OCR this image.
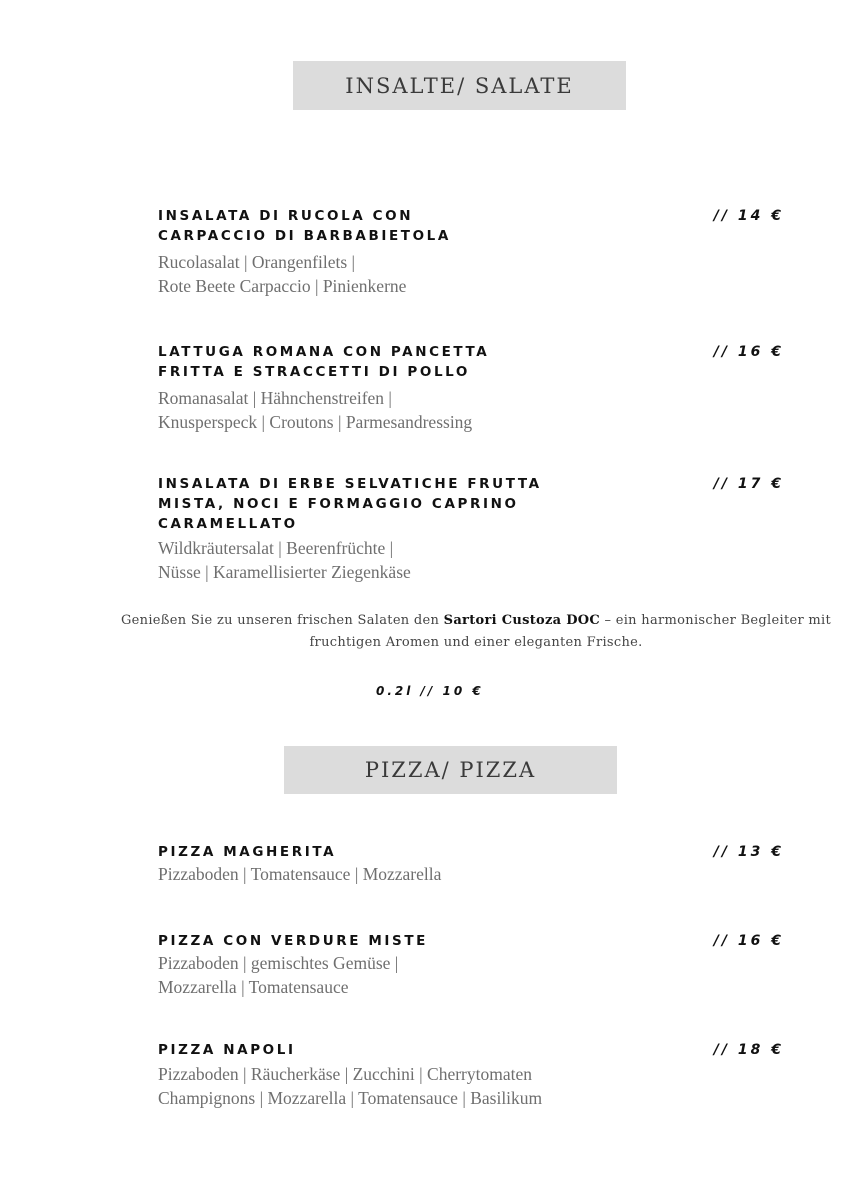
INSALTE/ SALATE
INSALATA DI RUCOLA CON
CARPACCIO DI BARBABIETOLA
// 14 €
Rucolasalat | Orangenfilets |
Rote Beete Carpaccio | Pinienkerne
LATTUGA ROMANA CON PANCETTA
FRITTA E STRACCETTI DI POLLO
// 16 €
Romanasalat | Hähnchenstreifen |
Knusperspeck | Croutons | Parmesandressing
INSALATA DI ERBE SELVATICHE FRUTTA
MISTA, NOCI E FORMAGGIO CAPRINO
CARAMELLATO
// 17 €
Wildkräutersalat | Beerenfrüchte |
Nüsse | Karamellisierter Ziegenkäse
Genießen Sie zu unseren frischen Salaten den Sartori Custoza DOC – ein harmonischer Begleiter mit fruchtigen Aromen und einer eleganten Frische.
0.2l // 10 €
PIZZA/ PIZZA
PIZZA MAGHERITA	// 13 €
Pizzaboden | Tomatensauce | Mozzarella
PIZZA CON VERDURE MISTE	// 16 €
Pizzaboden | gemischtes Gemüse |
Mozzarella | Tomatensauce
PIZZA NAPOLI	// 18 €
Pizzaboden | Räucherkäse | Zucchini | Cherrytomaten
Champignons | Mozzarella | Tomatensauce | Basilikum
